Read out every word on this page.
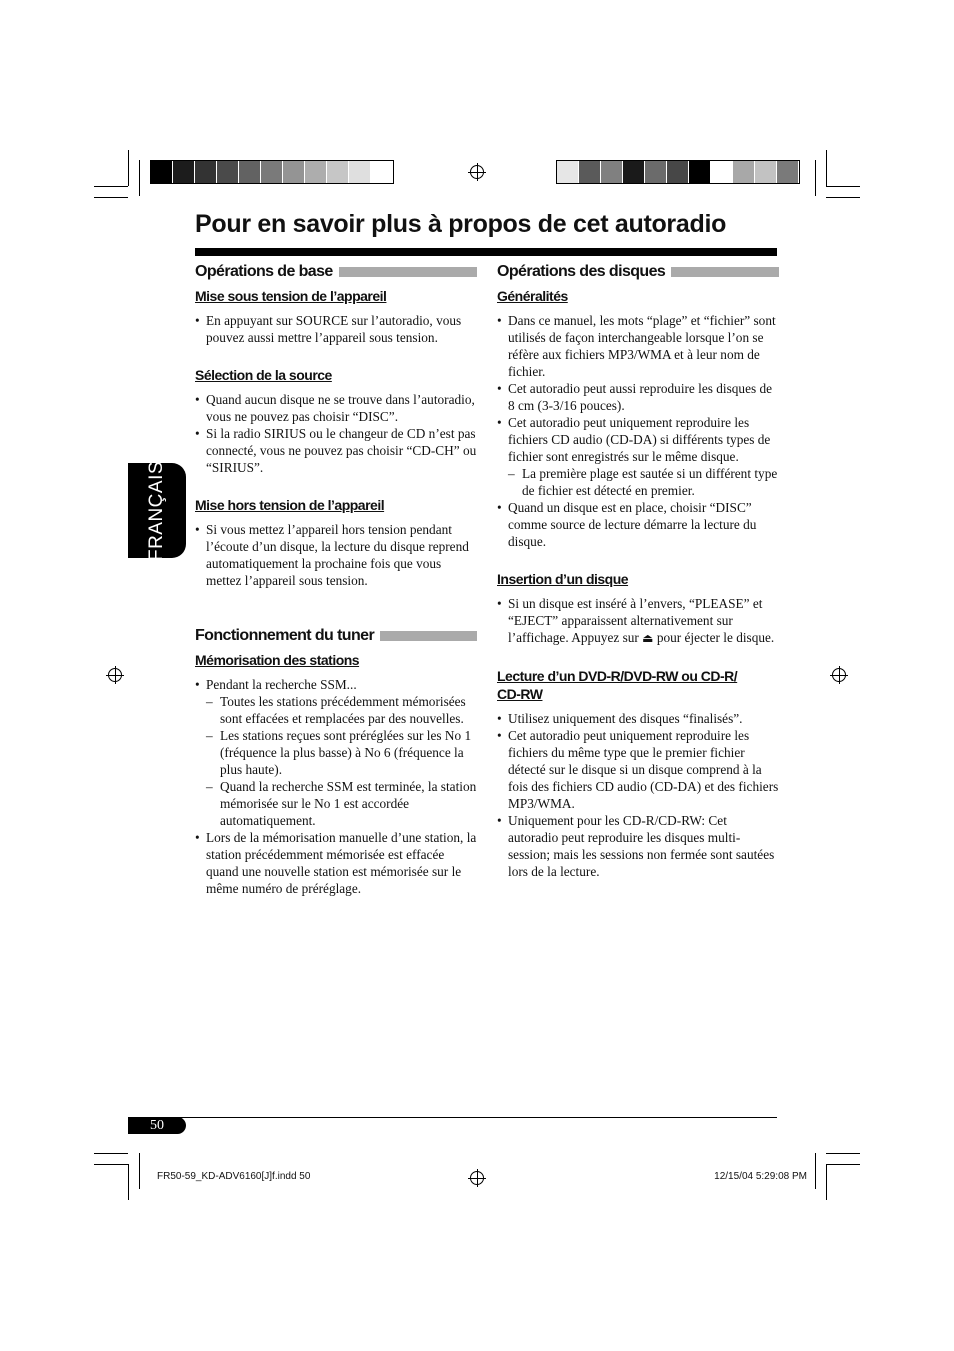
Pour en savoir plus à propos de cet autoradio
FRANÇAIS
Opérations de base
Mise sous tension de l’appareil
• En appuyant sur SOURCE sur l’autoradio, vous pouvez aussi mettre l’appareil sous tension.
Sélection de la source
• Quand aucun disque ne se trouve dans l’autoradio, vous ne pouvez pas choisir “DISC”.
• Si la radio SIRIUS ou le changeur de CD n’est pas connecté, vous ne pouvez pas choisir “CD-CH” ou “SIRIUS”.
Mise hors tension de l’appareil
• Si vous mettez l’appareil hors tension pendant l’écoute d’un disque, la lecture du disque reprend automatiquement la prochaine fois que vous mettez l’appareil sous tension.
Fonctionnement du tuner
Mémorisation des stations
• Pendant la recherche SSM...
– Toutes les stations précédemment mémorisées sont effacées et remplacées par des nouvelles.
– Les stations reçues sont préréglées sur les No 1 (fréquence la plus basse) à No 6 (fréquence la plus haute).
– Quand la recherche SSM est terminée, la station mémorisée sur le No 1 est accordée automatiquement.
• Lors de la mémorisation manuelle d’une station, la station précédemment mémorisée est effacée quand une nouvelle station est mémorisée sur le même numéro de préréglage.
Opérations des disques
Généralités
• Dans ce manuel, les mots “plage” et “fichier” sont utilisés de façon interchangeable lorsque l’on se réfère aux fichiers MP3/WMA et à leur nom de fichier.
• Cet autoradio peut aussi reproduire les disques de 8 cm (3-3/16 pouces).
• Cet autoradio peut uniquement reproduire les fichiers CD audio (CD-DA) si différents types de fichier sont enregistrés sur le même disque.
– La première plage est sautée si un différent type de fichier est détecté en premier.
• Quand un disque est en place, choisir “DISC” comme source de lecture démarre la lecture du disque.
Insertion d’un disque
• Si un disque est inséré à l’envers, “PLEASE” et “EJECT” apparaissent alternativement sur l’affichage. Appuyez sur ⏏ pour éjecter le disque.
Lecture d’un DVD-R/DVD-RW ou CD-R/ CD-RW
• Utilisez uniquement des disques “finalisés”.
• Cet autoradio peut uniquement reproduire les fichiers du même type que le premier fichier détecté sur le disque si un disque comprend à la fois des fichiers CD audio (CD-DA) et des fichiers MP3/WMA.
• Uniquement pour les CD-R/CD-RW: Cet autoradio peut reproduire les disques multi-session; mais les sessions non fermée sont sautées lors de la lecture.
50
FR50-59_KD-ADV6160[J]f.indd 50	12/15/04 5:29:08 PM
